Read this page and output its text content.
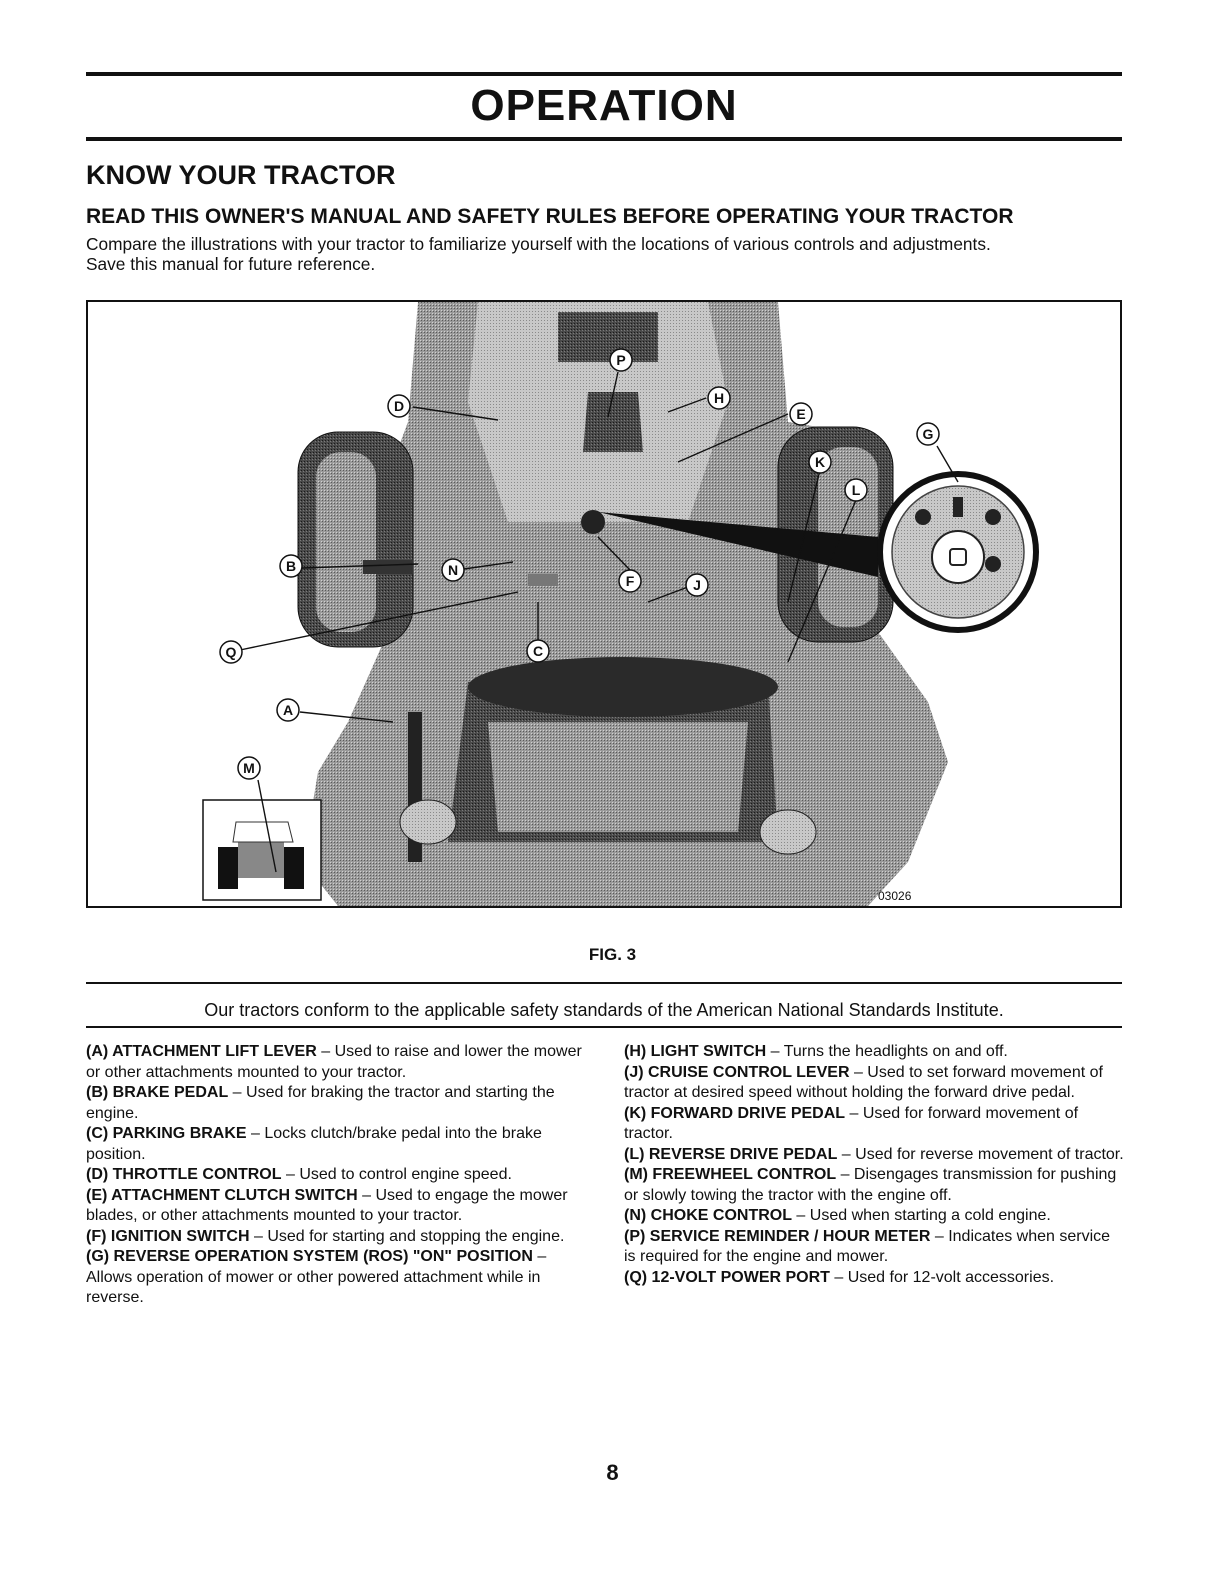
OPERATION
KNOW YOUR TRACTOR
READ THIS OWNER'S MANUAL AND SAFETY RULES BEFORE OPERATING YOUR TRACTOR

Compare the illustrations with your tractor to familiarize yourself with the locations of various controls and adjustments.

Save this manual for future reference.

P
D	H
E
G
K
L
B	N
F	J
Q	C
A
M
03026
FIG. 3
Our tractors conform to the applicable safety standards of the American National Standards Institute.

(A) ATTACHMENT LIFT LEVER – Used to raise and lower the mower or other attachments mounted to your tractor.

(B) BRAKE PEDAL – Used for braking the tractor and starting the engine.

(C) PARKING BRAKE – Locks clutch/brake pedal into the brake position.

(D) THROTTLE CONTROL – Used to control engine speed.

(E) ATTACHMENT CLUTCH SWITCH – Used to engage the mower blades, or other attachments mounted to your tractor.

(F) IGNITION SWITCH – Used for starting and stopping the engine.

(G) REVERSE OPERATION SYSTEM (ROS) "ON" POSITION – Allows operation of mower or other powered attachment while in reverse.

(H) LIGHT SWITCH – Turns the headlights on and off.

(J) CRUISE CONTROL LEVER – Used to set forward movement of tractor at desired speed without holding the forward drive pedal.

(K) FORWARD DRIVE PEDAL – Used for forward movement of tractor.

(L) REVERSE DRIVE PEDAL – Used for reverse movement of tractor.

(M) FREEWHEEL CONTROL – Disengages transmission for pushing or slowly towing the tractor with the engine off.

(N) CHOKE CONTROL – Used when starting a cold engine.

(P) SERVICE REMINDER / HOUR METER – Indicates when service is required for the engine and mower.

(Q) 12-VOLT POWER PORT – Used for 12-volt accessories.

8
